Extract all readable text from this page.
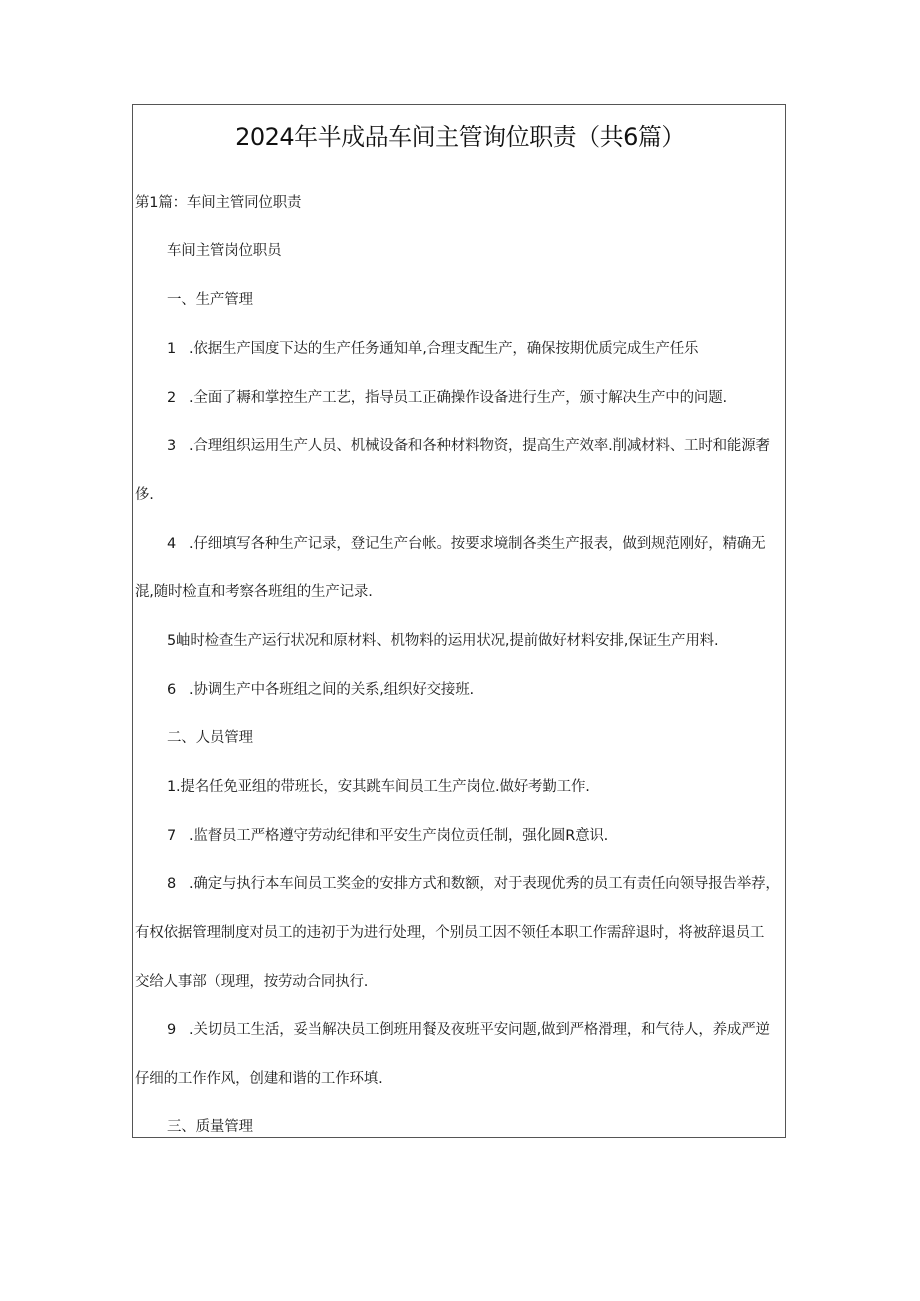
2024年半成品车间主管询位职责（共6篇）
第1篇：车间主管同位职责
车间主管岗位职员
一、生产管理
1 .依据生产国度下达的生产任务通知单,合理支配生产，确保按期优质完成生产任乐
2 .全面了耨和掌控生产工艺，指导员工正确操作设备进行生产，颁寸解决生产中的问题.
3 .合理组织运用生产人员、机械设备和各种材料物资，提高生产效率.削减材料、工时和能源奢
侈.
4 .仔细填写各种生产记录，登记生产台帐。按要求境制各类生产报表，做到规范刚好，精确无
混,随时检直和考察各班组的生产记录.
5岫时检查生产运行状况和原材料、机物料的运用状况,提前做好材料安排,保证生产用料.
6 .协调生产中各班组之间的关系,组织好交接班.
二、人员管理
1.提名任免亚组的带班长，安其跳车间员工生产岗位.做好考勤工作.
7 .监督员工严格遵守劳动纪律和平安生产岗位贡任制，强化圆R意识.
8 .确定与执行本车间员工奖金的安排方式和数额，对于表现优秀的员工有责任向领导报告举荐，
有权依据管理制度对员工的违初于为进行处理，个别员工因不领任本职工作需辞退时，将被辞退员工
交给人事部（现理，按劳动合同执行.
9 .关切员工生活，妥当解决员工倒班用餐及夜班平安问题,做到严格滑理，和气待人，养成严逆
仔细的工作作风，创建和谐的工作环填.
三、质量管理
